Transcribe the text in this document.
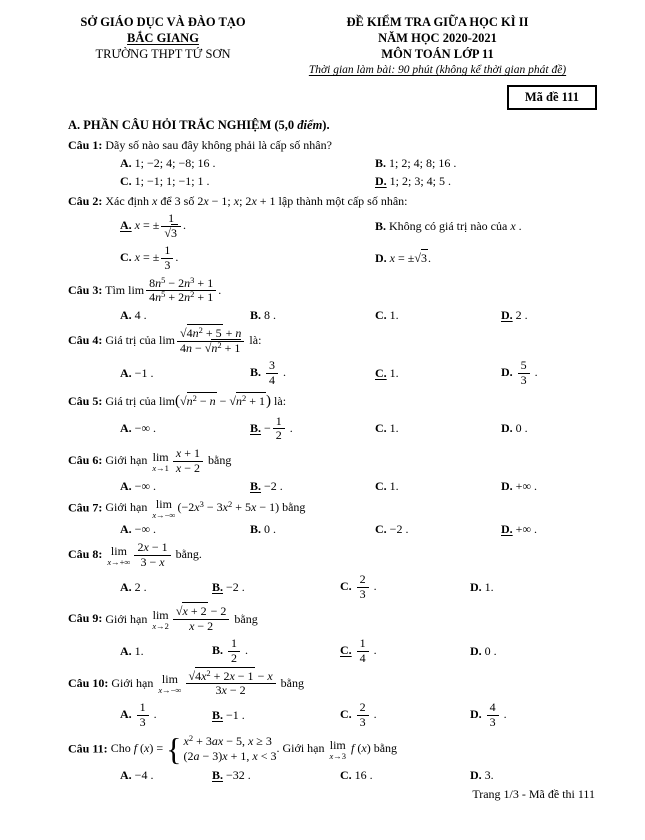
SỞ GIÁO DỤC VÀ ĐÀO TẠO
BẮC GIANG
TRƯỜNG THPT TỨ SƠN
ĐỀ KIỂM TRA GIỮA HỌC KÌ II
NĂM HỌC 2020-2021
MÔN TOÁN LỚP 11
Thời gian làm bài: 90 phút (không kể thời gian phát đề)
Mã đề 111
A. PHẦN CÂU HỎI TRẮC NGHIỆM (5,0 điểm).
Câu 1: Dãy số nào sau đây không phải là cấp số nhân?
A. 1; −2; 4; −8; 16 .	B. 1; 2; 4; 8; 16 .
C. 1; −1; 1; −1; 1 .	D. 1; 2; 3; 4; 5 .
Câu 2: Xác định x để 3 số 2x − 1; x; 2x + 1 lập thành một cấp số nhân:
A. x = ± $\frac{1}{√3}$ .	B. Không có giá trị nào của x .
C. x = ± $\frac{1}{3}$ .	D. x = ±√3.
Câu 3: Tìm $\lim \frac{8n^5 - 2n^3 + 1}{4n^5 + 2n^2 + 1}$ .
A. 4 .	B. 8 .	C. 1.	D. 2 .
Câu 4: Giá trị của $\lim \frac{√4n^2 + 5 + n}{4n - √n^2 + 1}$ là:
A. −1 .	B. $\frac{3}{4}$ .	C. 1.	D. $\frac{5}{3}$ .
Câu 5: Giá trị của $\lim(√n^2 - n - √n^2 + 1)$ là:
A. −∞ .	B. − $\frac{1}{2}$ .	C. 1.	D. 0 .
Câu 6: Giới hạn lim
$x\to 1 \frac{x + 1}{x - 2}$ bằng
A. −∞ .	B. −2 .	C. 1.	D. +∞ .
Câu 7: Giới hạn lim
x→−∞
$(-2x^3 - 3x^2 + 5x - 1)$ bằng
A. −∞ .	B. 0 .	C. −2 .	D. +∞ .
Câu 8: lim
$x\to+\infty \frac{2x - 1}{3 - x}$ bằng.
A. 2 .	B. −2 .	C. $\frac{2}{3}$ .	D. 1.
Câu 9: Giới hạn lim
$x\to 2 \frac{√x + 2 - 2}{x - 2}$ bằng
A. 1.	B. $\frac{1}{2}$ .	C. $\frac{1}{4}$ .	D. 0 .
Câu 10: Giới hạn lim
$x\to-\infty \frac{√4x^2 + 2x - 1 - x}{3x - 2}$ bằng
A. $\frac{1}{3}$ .	B. −1 .	C. $\frac{2}{3}$ .	D. $\frac{4}{3}$ .
Câu 11: Cho f (x) = { $x^2 + 3ax - 5$, x ≥ 3
(2a − 3)x + 1, x < 3
. Giới hạn lim
x→3
f (x) bằng
A. −4 .	B. −32 .	C. 16 .	D. 3.
Trang 1/3 - Mã đề thi 111
